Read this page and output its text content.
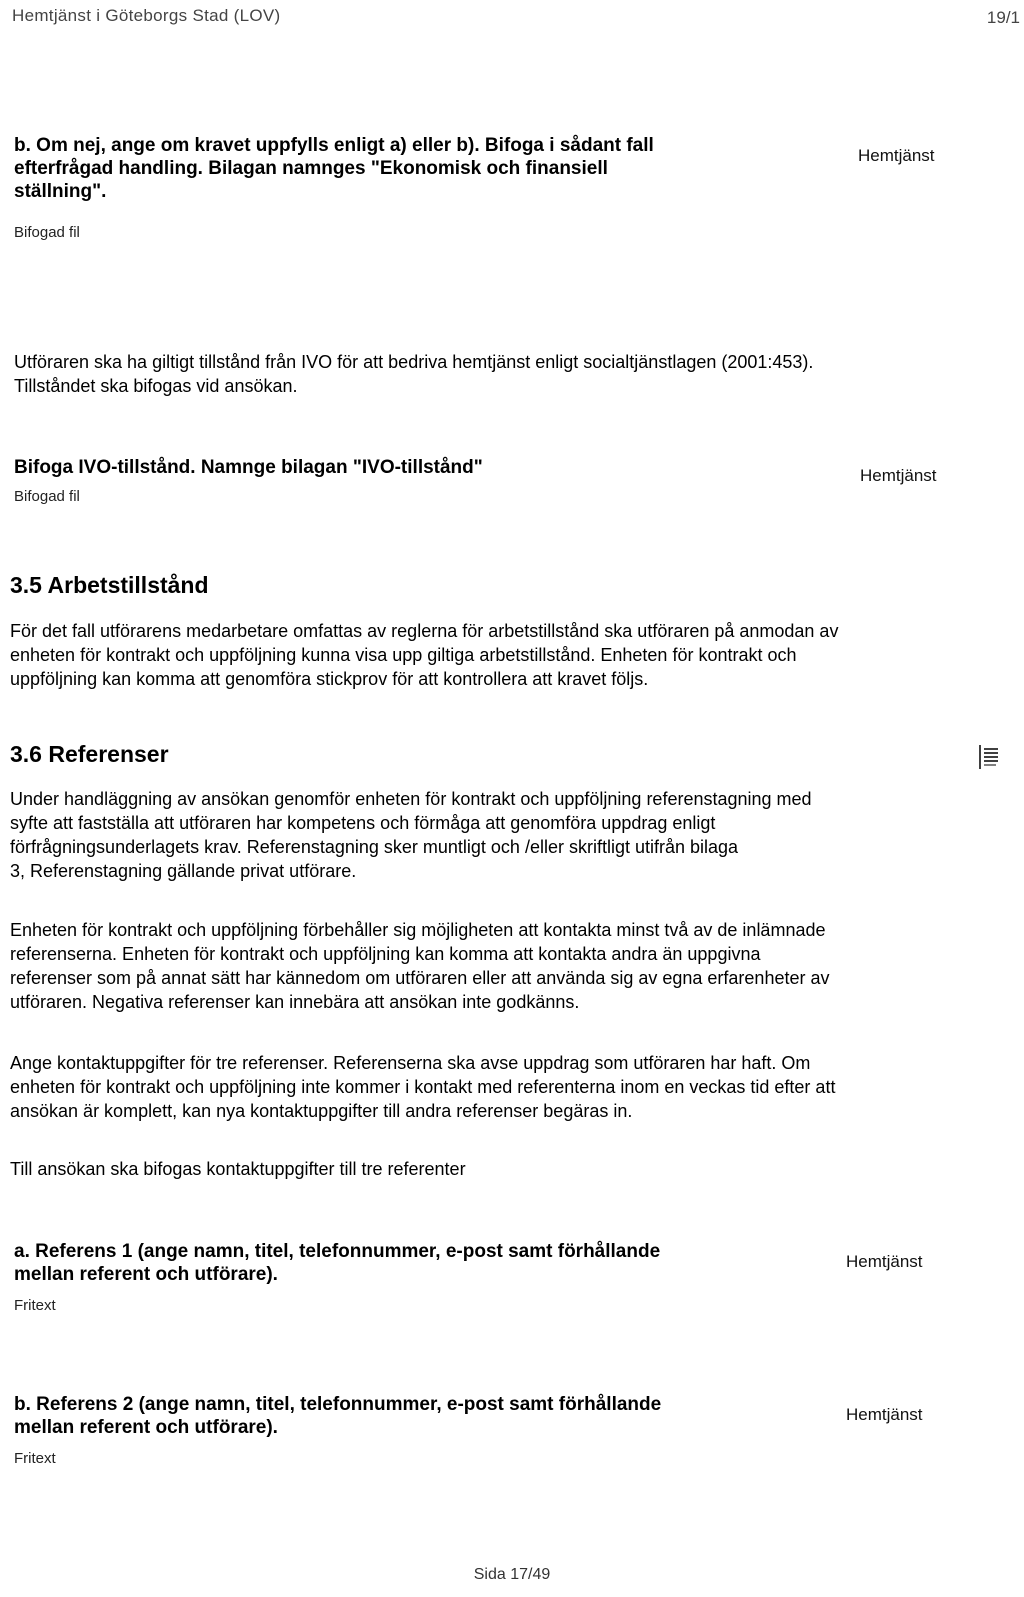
Hemtjänst i Göteborgs Stad (LOV)	19/1
b. Om nej, ange om kravet uppfylls enligt a) eller b). Bifoga i sådant fall
efterfrågad handling. Bilagan namnges "Ekonomisk och finansiell
ställning".
Bifogad fil
Hemtjänst
Utföraren ska ha giltigt tillstånd från IVO för att bedriva hemtjänst enligt socialtjänstlagen (2001:453).
Tillståndet ska bifogas vid ansökan.
Bifoga IVO-tillstånd. Namnge bilagan "IVO-tillstånd"
Bifogad fil
Hemtjänst
3.5 Arbetstillstånd
För det fall utförarens medarbetare omfattas av reglerna för arbetstillstånd ska utföraren på anmodan av
enheten för kontrakt och uppföljning kunna visa upp giltiga arbetstillstånd. Enheten för kontrakt och
uppföljning kan komma att genomföra stickprov för att kontrollera att kravet följs.
3.6 Referenser
Under handläggning av ansökan genomför enheten för kontrakt och uppföljning referenstagning med
syfte att fastställa att utföraren har kompetens och förmåga att genomföra uppdrag enligt
förfrågningsunderlagets krav. Referenstagning sker muntligt och /eller skriftligt utifrån bilaga
3, Referenstagning gällande privat utförare.
Enheten för kontrakt och uppföljning förbehåller sig möjligheten att kontakta minst två av de inlämnade
referenserna. Enheten för kontrakt och uppföljning kan komma att kontakta andra än uppgivna
referenser som på annat sätt har kännedom om utföraren eller att använda sig av egna erfarenheter av
utföraren. Negativa referenser kan innebära att ansökan inte godkänns.
Ange kontaktuppgifter för tre referenser. Referenserna ska avse uppdrag som utföraren har haft. Om
enheten för kontrakt och uppföljning inte kommer i kontakt med referenterna inom en veckas tid efter att
ansökan är komplett, kan nya kontaktuppgifter till andra referenser begäras in.
Till ansökan ska bifogas kontaktuppgifter till tre referenter
a. Referens 1 (ange namn, titel, telefonnummer, e-post samt förhållande
mellan referent och utförare).
Fritext
Hemtjänst
b. Referens 2 (ange namn, titel, telefonnummer, e-post samt förhållande
mellan referent och utförare).
Fritext
Hemtjänst
Sida 17/49
